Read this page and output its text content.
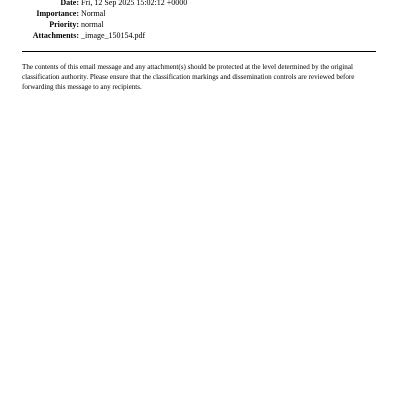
Date: Fri, 12 Sep 2025 15:02:12 +0000
Importance: Normal
Priority: normal
Attachments: _image_150154.pdf
The contents of this email message and any attachment(s) should be protected at the level determined by the original classification authority. Please ensure that the classification markings and dissemination controls are reviewed before forwarding this message to any recipients.
